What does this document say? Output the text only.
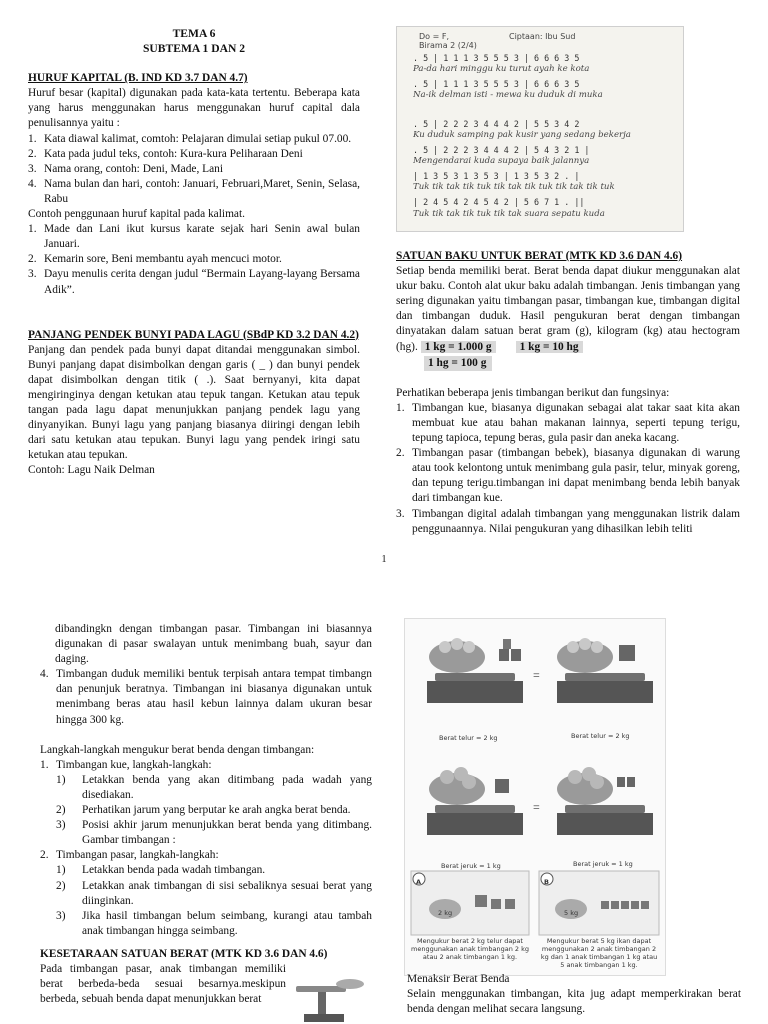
TEMA 6
SUBTEMA 1 DAN 2
HURUF KAPITAL (B. IND KD 3.7 DAN 4.7)

Huruf besar (kapital) digunakan pada kata-kata tertentu. Beberapa kata yang harus menggunakan harus menggunakan huruf capital dala penulisannya yaitu :

1. Kata diawal kalimat, comtoh: Pelajaran dimulai setiap pukul 07.00.
2. Kata pada judul teks, contoh: Kura-kura Peliharaan Deni
3. Nama orang, contoh: Deni, Made, Lani
4. Nama bulan dan hari, contoh: Januari, Februari,Maret, Senin, Selasa, Rabu

Contoh penggunaan huruf kapital pada kalimat.

1. Made dan Lani ikut kursus karate sejak hari Senin awal bulan Januari.
2. Kemarin sore, Beni membantu ayah mencuci motor.
3. Dayu menulis cerita dengan judul “Bermain Layang-layang Bersama Adik”.
PANJANG PENDEK BUNYI PADA LAGU (SBdP KD 3.2 DAN 4.2)

Panjang dan pendek pada bunyi dapat ditandai menggunakan simbol. Bunyi panjang dapat disimbolkan dengan garis ( _ ) dan bunyi pendek dapat disimbolkan dengan titik ( .). Saat bernyanyi, kita dapat mengiringinya dengan ketukan atau tepuk tangan. Ketukan atau tepuk tangan pada lagu dapat menunjukkan panjang pendek lagu yang dinyanyikan. Bunyi lagu yang panjang biasanya diiringi dengan lebih dari satu ketukan atau tepukan. Bunyi lagu yang pendek iringi satu ketukan atau tepukan.

Contoh: Lagu Naik Delman

Do = F,	Ciptaan: Ibu Sud
Birama 2 (2/4)
. 5 | 1 1 1 3 5 5 5 3 | 6 6 6 3 5
Pa-da hari minggu ku turut ayah ke kota
. 5 | 1 1 1 3 5 5 5 3 | 6 6 6 3 5
Na-ik delman isti - mewa ku duduk di muka
. 5 | 2 2 2 3 4 4 4 2 | 5 5 3 4 2
Ku duduk samping pak kusir yang sedang bekerja
. 5 | 2 2 2 3 4 4 4 2 | 5 4 3 2 1 |
Mengendarai kuda supaya baik jalannya
| 1 3 5 3 1 3 5 3 | 1 3 5 3 2 . |
Tuk tik tak tik tuk tik tak tik tuk tik tak tik tuk
| 2 4 5 4 2 4 5 4 2 | 5 6 7 1 . ||
Tuk tik tak tik tuk tik tak suara sepatu kuda
SATUAN BAKU UNTUK BERAT (MTK KD 3.6 DAN 4.6)

Setiap benda memiliki berat. Berat benda dapat diukur menggunakan alat ukur baku. Contoh alat ukur baku adalah timbangan. Jenis timbangan yang sering digunakan yaitu timbangan pasar, timbangan kue, timbangan digital dan timbangan duduk. Hasil pengukuran berat dengan timbangan dinyatakan dalam satuan berat gram (g), kilogram (kg) atau hectogram (hg). 1 kg = 1.000 g 1 kg = 10 hg

1 hg = 100 g

Perhatikan beberapa jenis timbangan berikut dan fungsinya:

1. Timbangan kue, biasanya digunakan sebagai alat takar saat kita akan membuat kue atau bahan makanan lainnya, seperti tepung terigu, tepung tapioca, tepung beras, gula pasir dan aneka kacang.
2. Timbangan pasar (timbangan bebek), biasanya digunakan di warung atau took kelontong untuk menimbang gula pasir, telur, minyak goreng, dan tepung terigu.timbangan ini dapat menimbang benda lebih banyak dari timbangan kue.
3. Timbangan digital adalah timbangan yang menggunakan listrik dalam penggunaannya. Nilai pengukuran yang dihasilkan lebih teliti
1

dibandingkn dengan timbangan pasar. Timbangan ini biasannya digunakan di pasar swalayan untuk menimbang buah, sayur dan daging.

4. Timbangan duduk memiliki bentuk terpisah antara tempat timbangn dan penunjuk beratnya. Timbangan ini biasanya digunakan untuk menimbang beras atau hasil kebun lainnya dalam ukuran besar hingga 300 kg.

Langkah-langkah mengukur berat benda dengan timbangan:

1. Timbangan kue, langkah-langkah:
1) Letakkan benda yang akan ditimbang pada wadah yang disediakan.
2) Perhatikan jarum yang berputar ke arah angka berat benda.
3) Posisi akhir jarum menunjukkan berat benda yang ditimbang. Gambar timbangan :
2. Timbangan pasar, langkah-langkah:
1) Letakkan benda pada wadah timbangan.
2) Letakkan anak timbangan di sisi sebaliknya sesuai berat yang diinginkan.
3) Jika hasil timbangan belum seimbang, kurangi atau tambah anak timbangan hingga seimbang.
KESETARAAN SATUAN BERAT (MTK KD 3.6 DAN 4.6)

Pada timbangan pasar, anak timbangan memiliki berat berbeda-beda sesuai besarnya.meskipun berbeda, sebuah benda dapat menunjukkan berat

=
=
Berat telur = 2 kg	Berat telur = 2 kg
Berat jeruk = 1 kg	Berat jeruk = 1 kg
A	B
2 kg	5 kg
Mengukur berat 2 kg telur dapat menggunakan anak timbangan 2 kg atau 2 anak timbangan 1 kg.
Mengukur berat 5 kg ikan dapat menggunakan 2 anak timbangan 2 kg dan 1 anak timbangan 1 kg atau 5 anak timbangan 1 kg.

Menaksir Berat Benda

Selain menggunakan timbangan, kita jug adapt memperkirakan berat benda dengan melihat secara langsung.
